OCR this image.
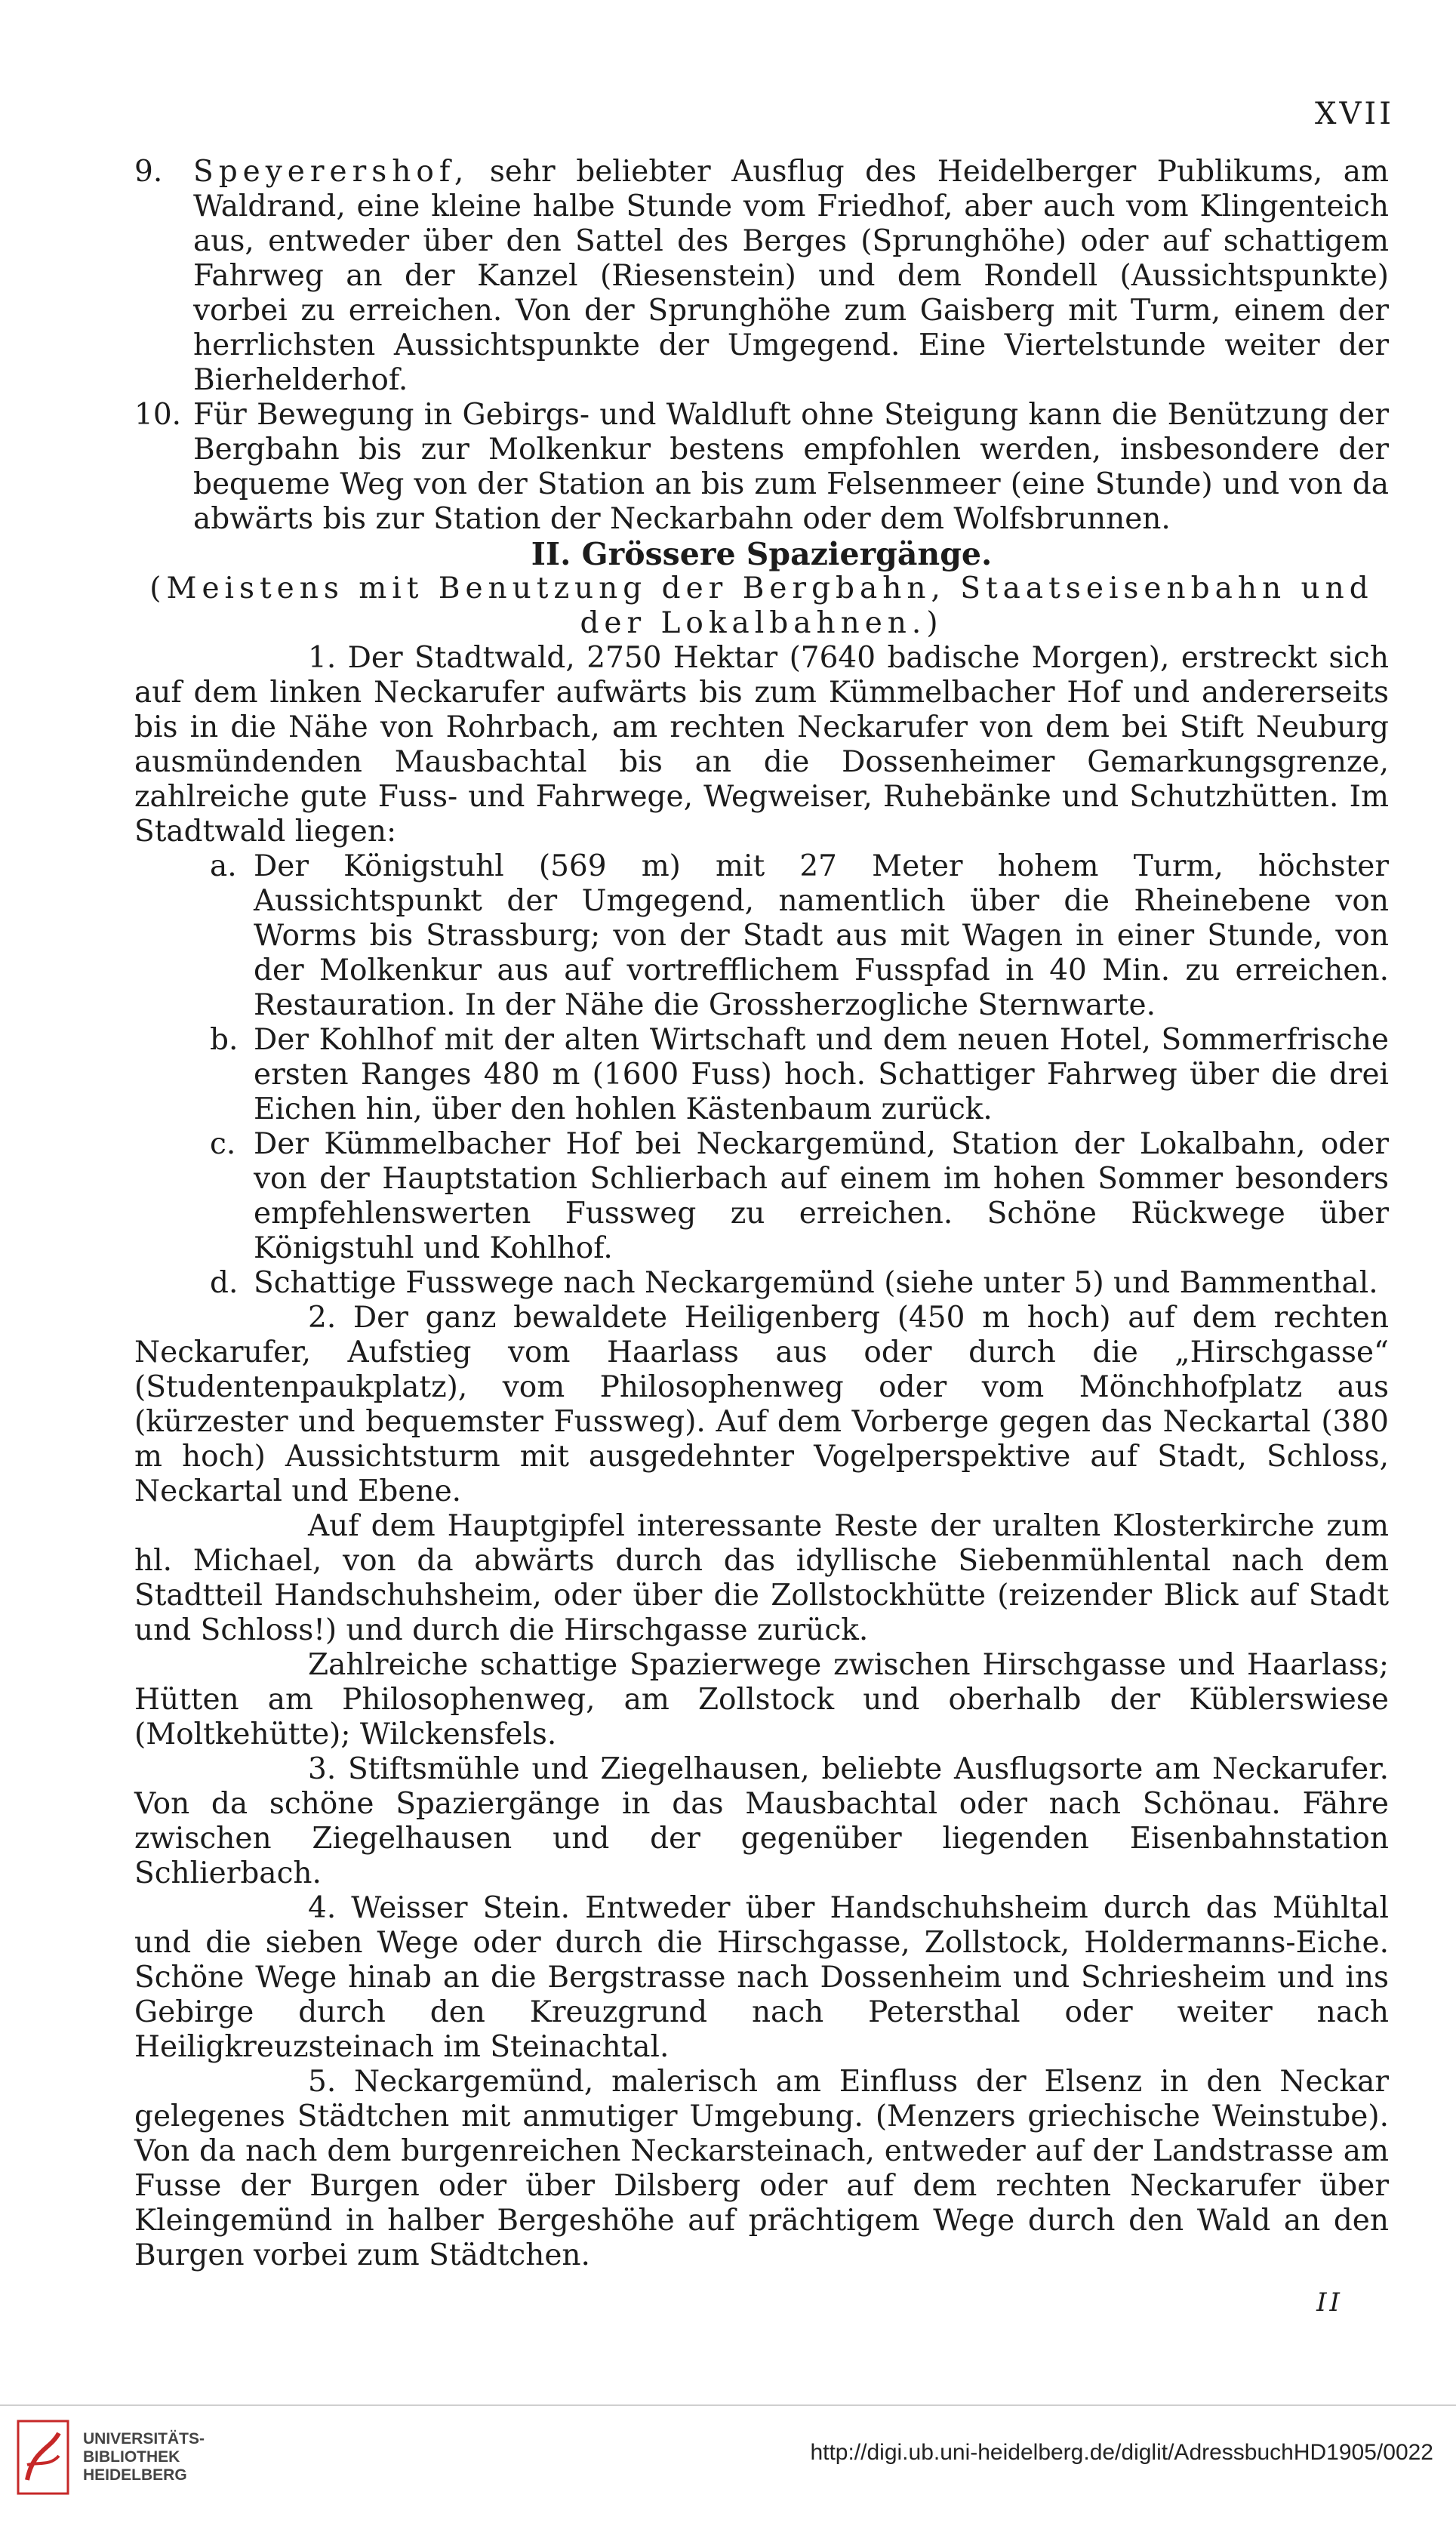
XVII
9.	Speyerershof, sehr beliebter Ausflug des Heidelberger Publikums, am Waldrand, eine kleine halbe Stunde vom Friedhof, aber auch vom Klingenteich aus, entweder über den Sattel des Berges (Sprunghöhe) oder auf schattigem Fahrweg an der Kanzel (Riesenstein) und dem Rondell (Aussichtspunkte) vorbei zu erreichen. Von der Sprunghöhe zum Gaisberg mit Turm, einem der herrlichsten Aussichtspunkte der Umgegend. Eine Viertelstunde weiter der Bierhelderhof.

10. Für Bewegung in Gebirgs- und Waldluft ohne Steigung kann die Benützung der Bergbahn bis zur Molkenkur bestens empfohlen werden, insbesondere der bequeme Weg von der Station an bis zum Felsenmeer (eine Stunde) und von da abwärts bis zur Station der Neckarbahn oder dem Wolfsbrunnen.

II. Grössere Spaziergänge.

(Meistens mit Benutzung der Bergbahn, Staatseisenbahn und der Lokalbahnen.)

1. Der Stadtwald, 2750 Hektar (7640 badische Morgen), erstreckt sich auf dem linken Neckarufer aufwärts bis zum Kümmelbacher Hof und andererseits bis in die Nähe von Rohrbach, am rechten Neckarufer von dem bei Stift Neuburg ausmündenden Mausbachtal bis an die Dossenheimer Gemarkungsgrenze, zahlreiche gute Fuss- und Fahrwege, Wegweiser, Ruhebänke und Schutzhütten. Im Stadtwald liegen:

a. Der Königstuhl (569 m) mit 27 Meter hohem Turm, höchster Aussichtspunkt der Umgegend, namentlich über die Rheinebene von Worms bis Strassburg; von der Stadt aus mit Wagen in einer Stunde, von der Molkenkur aus auf vortrefflichem Fusspfad in 40 Min. zu erreichen. Restauration. In der Nähe die Grossherzogliche Sternwarte.

b. Der Kohlhof mit der alten Wirtschaft und dem neuen Hotel, Sommerfrische ersten Ranges 480 m (1600 Fuss) hoch. Schattiger Fahrweg über die drei Eichen hin, über den hohlen Kästenbaum zurück.

c. Der Kümmelbacher Hof bei Neckargemünd, Station der Lokalbahn, oder von der Hauptstation Schlierbach auf einem im hohen Sommer besonders empfehlenswerten Fussweg zu erreichen. Schöne Rückwege über Königstuhl und Kohlhof.

d. Schattige Fusswege nach Neckargemünd (siehe unter 5) und Bammenthal.

2. Der ganz bewaldete Heiligenberg (450 m hoch) auf dem rechten Neckarufer, Aufstieg vom Haarlass aus oder durch die „Hirschgasse“ (Studentenpaukplatz), vom Philosophenweg oder vom Mönchhofplatz aus (kürzester und bequemster Fussweg). Auf dem Vorberge gegen das Neckartal (380 m hoch) Aussichtsturm mit ausgedehnter Vogelperspektive auf Stadt, Schloss, Neckartal und Ebene.

Auf dem Hauptgipfel interessante Reste der uralten Klosterkirche zum hl. Michael, von da abwärts durch das idyllische Siebenmühlental nach dem Stadtteil Handschuhsheim, oder über die Zollstockhütte (reizender Blick auf Stadt und Schloss!) und durch die Hirschgasse zurück.

Zahlreiche schattige Spazierwege zwischen Hirschgasse und Haarlass; Hütten am Philosophenweg, am Zollstock und oberhalb der Küblerswiese (Moltkehütte); Wilckensfels.

3. Stiftsmühle und Ziegelhausen, beliebte Ausflugsorte am Neckarufer. Von da schöne Spaziergänge in das Mausbachtal oder nach Schönau. Fähre zwischen Ziegelhausen und der gegenüber liegenden Eisenbahnstation Schlierbach.

4. Weisser Stein. Entweder über Handschuhsheim durch das Mühltal und die sieben Wege oder durch die Hirschgasse, Zollstock, Holdermanns-Eiche. Schöne Wege hinab an die Bergstrasse nach Dossenheim und Schriesheim und ins Gebirge durch den Kreuzgrund nach Petersthal oder weiter nach Heiligkreuzsteinach im Steinachtal.

5. Neckargemünd, malerisch am Einfluss der Elsenz in den Neckar gelegenes Städtchen mit anmutiger Umgebung. (Menzers griechische Weinstube). Von da nach dem burgenreichen Neckarsteinach, entweder auf der Landstrasse am Fusse der Burgen oder über Dilsberg oder auf dem rechten Neckarufer über Kleingemünd in halber Bergeshöhe auf prächtigem Wege durch den Wald an den Burgen vorbei zum Städtchen.

II
UNIVERSITÄTS-
BIBLIOTHEK
HEIDELBERG
http://digi.ub.uni-heidelberg.de/diglit/AdressbuchHD1905/0022
